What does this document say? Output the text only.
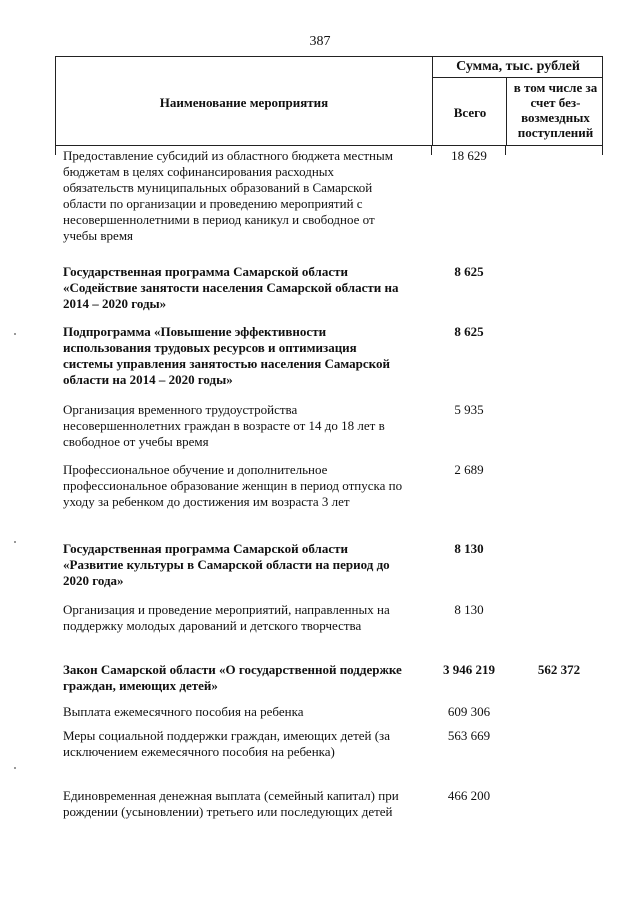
387
Наименование мероприятия
Сумма, тыс. рублей
Всего
в том числе за счет без-возмездных поступлений
Предоставление субсидий из областного бюджета местным бюджетам в целях софинансирования расходных обязательств муниципальных образований в Самарской области по организации и проведению мероприятий с несовершеннолетними в период каникул и свободное от учебы время
18 629
Государственная программа Самарской области «Содействие занятости населения Самарской области на 2014 – 2020 годы»
8 625
Подпрограмма «Повышение эффективности использования трудовых ресурсов и оптимизация системы управления занятостью населения Самарской области на 2014 – 2020 годы»
8 625
Организация временного трудоустройства несовершеннолетних граждан в возрасте от 14 до 18 лет в свободное от учебы время
5 935
Профессиональное обучение и дополнительное профессиональное образование женщин в период отпуска по уходу за ребенком до достижения им возраста 3 лет
2 689
Государственная программа Самарской области «Развитие культуры в Самарской области на период до 2020 года»
8 130
Организация и проведение мероприятий, направленных на поддержку молодых дарований и детского творчества
8 130
Закон Самарской области «О государственной поддержке граждан, имеющих детей»
3 946 219	562 372
Выплата ежемесячного пособия на ребенка	609 306
Меры социальной поддержки граждан, имеющих детей (за исключением ежемесячного пособия на ребенка)
563 669
Единовременная денежная выплата (семейный капитал) при рождении (усыновлении) третьего или последующих детей
466 200
